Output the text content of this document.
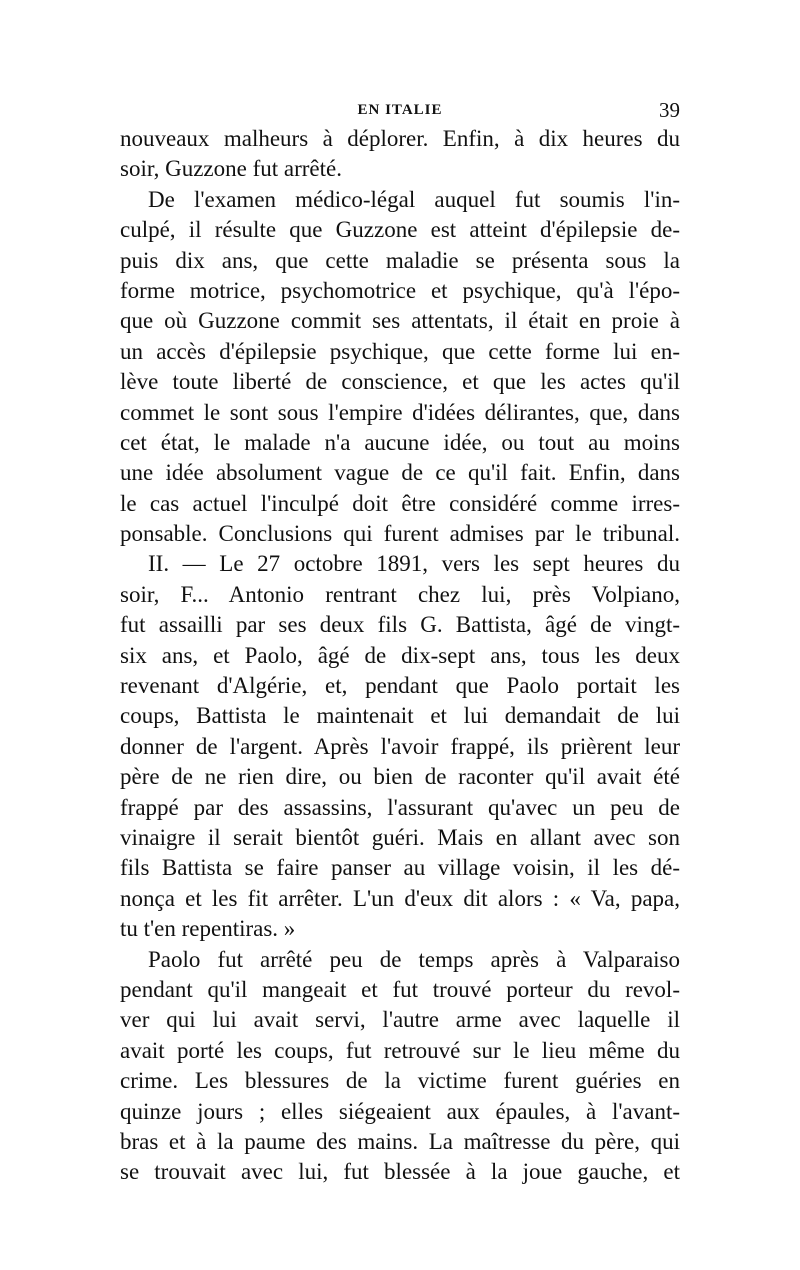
EN ITALIE	39
nouveaux malheurs à déplorer. Enfin, à dix heures du
soir, Guzzone fut arrêté.
De l'examen médico-légal auquel fut soumis l'in-
culpé, il résulte que Guzzone est atteint d'épilepsie de-
puis dix ans, que cette maladie se présenta sous la
forme motrice, psychomotrice et psychique, qu'à l'épo-
que où Guzzone commit ses attentats, il était en proie à
un accès d'épilepsie psychique, que cette forme lui en-
lève toute liberté de conscience, et que les actes qu'il
commet le sont sous l'empire d'idées délirantes, que, dans
cet état, le malade n'a aucune idée, ou tout au moins
une idée absolument vague de ce qu'il fait. Enfin, dans
le cas actuel l'inculpé doit être considéré comme irres-
ponsable. Conclusions qui furent admises par le tribunal.
II. — Le 27 octobre 1891, vers les sept heures du
soir, F... Antonio rentrant chez lui, près Volpiano,
fut assailli par ses deux fils G. Battista, âgé de vingt-
six ans, et Paolo, âgé de dix-sept ans, tous les deux
revenant d'Algérie, et, pendant que Paolo portait les
coups, Battista le maintenait et lui demandait de lui
donner de l'argent. Après l'avoir frappé, ils prièrent leur
père de ne rien dire, ou bien de raconter qu'il avait été
frappé par des assassins, l'assurant qu'avec un peu de
vinaigre il serait bientôt guéri. Mais en allant avec son
fils Battista se faire panser au village voisin, il les dé-
nonça et les fit arrêter. L'un d'eux dit alors : « Va, papa,
tu t'en repentiras. »
Paolo fut arrêté peu de temps après à Valparaiso
pendant qu'il mangeait et fut trouvé porteur du revol-
ver qui lui avait servi, l'autre arme avec laquelle il
avait porté les coups, fut retrouvé sur le lieu même du
crime. Les blessures de la victime furent guéries en
quinze jours ; elles siégeaient aux épaules, à l'avant-
bras et à la paume des mains. La maîtresse du père, qui
se trouvait avec lui, fut blessée à la joue gauche, et
